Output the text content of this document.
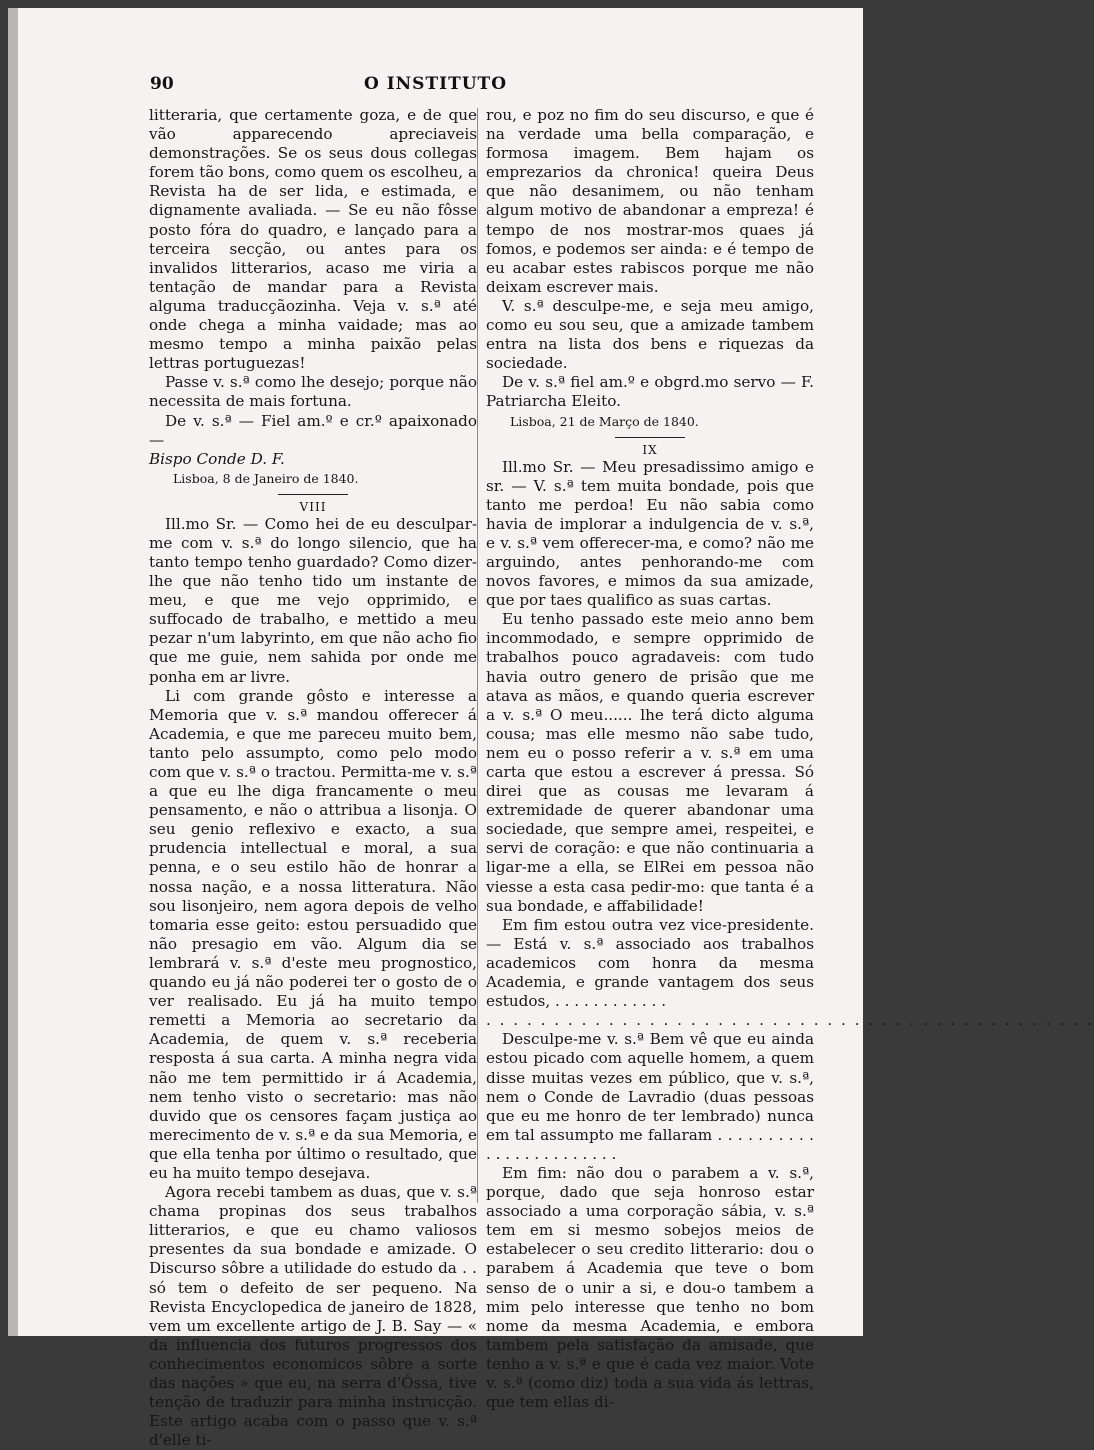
90	O INSTITUTO

litteraria, que certamente goza, e de que vão apparecendo apreciaveis demonstrações. Se os seus dous collegas forem tão bons, como quem os escolheu, a Revista ha de ser lida, e estimada, e dignamente avaliada. — Se eu não fôsse posto fóra do quadro, e lançado para a terceira secção, ou antes para os invalidos litterarios, acaso me viria a tentação de mandar para a Revista alguma traducçãozinha. Veja v. s.ª até onde chega a minha vaidade; mas ao mesmo tempo a minha paixão pelas lettras portuguezas!

Passe v. s.ª como lhe desejo; porque não necessita de mais fortuna.

De v. s.ª — Fiel am.º e cr.º apaixonado —

Bispo Conde D. F.

Lisboa, 8 de Janeiro de 1840.

VIII

Ill.mo Sr. — Como hei de eu desculpar-me com v. s.ª do longo silencio, que ha tanto tempo tenho guardado? Como dizer-lhe que não tenho tido um instante de meu, e que me vejo opprimido, e suffocado de trabalho, e mettido a meu pezar n'um labyrinto, em que não acho fio que me guie, nem sahida por onde me ponha em ar livre.

Li com grande gôsto e interesse a Memoria que v. s.ª mandou offerecer á Academia, e que me pareceu muito bem, tanto pelo assumpto, como pelo modo com que v. s.ª o tractou. Permitta-me v. s.ª a que eu lhe diga francamente o meu pensamento, e não o attribua a lisonja. O seu genio reflexivo e exacto, a sua prudencia intellectual e moral, a sua penna, e o seu estilo hão de honrar a nossa nação, e a nossa litteratura. Não sou lisonjeiro, nem agora depois de velho tomaria esse geito: estou persuadido que não presagio em vão. Algum dia se lembrará v. s.ª d'este meu prognostico, quando eu já não poderei ter o gosto de o ver realisado. Eu já ha muito tempo remetti a Memoria ao secretario da Academia, de quem v. s.ª receberia resposta á sua carta. A minha negra vida não me tem permittido ir á Academia, nem tenho visto o secretario: mas não duvido que os censores façam justiça ao merecimento de v. s.ª e da sua Memoria, e que ella tenha por último o resultado, que eu ha muito tempo desejava.

Agora recebi tambem as duas, que v. s.ª chama propinas dos seus trabalhos litterarios, e que eu chamo valiosos presentes da sua bondade e amizade. O Discurso sôbre a utilidade do estudo da . . só tem o defeito de ser pequeno. Na Revista Encyclopedica de janeiro de 1828, vem um excellente artigo de J. B. Say — « da influencia dos futuros progressos dos conhecimentos economicos sôbre a sorte das nações » que eu, na serra d'Óssa, tive tenção de traduzir para minha instrucção. Este artigo acaba com o passo que v. s.ª d'elle ti-

rou, e poz no fim do seu discurso, e que é na verdade uma bella comparação, e formosa imagem. Bem hajam os emprezarios da chronica! queira Deus que não desanimem, ou não tenham algum motivo de abandonar a empreza! é tempo de nos mostrar-mos quaes já fomos, e podemos ser ainda: e é tempo de eu acabar estes rabiscos porque me não deixam escrever mais.

V. s.ª desculpe-me, e seja meu amigo, como eu sou seu, que a amizade tambem entra na lista dos bens e riquezas da sociedade.

De v. s.ª fiel am.º e obgrd.mo servo — F. Patriarcha Eleito.

Lisboa, 21 de Março de 1840.

IX

Ill.mo Sr. — Meu presadissimo amigo e sr. — V. s.ª tem muita bondade, pois que tanto me perdoa! Eu não sabia como havia de implorar a indulgencia de v. s.ª, e v. s.ª vem offerecer-ma, e como? não me arguindo, antes penhorando-me com novos favores, e mimos da sua amizade, que por taes qualifico as suas cartas.

Eu tenho passado este meio anno bem incommodado, e sempre opprimido de trabalhos pouco agradaveis: com tudo havia outro genero de prisão que me atava as mãos, e quando queria escrever a v. s.ª O meu...... lhe terá dicto alguma cousa; mas elle mesmo não sabe tudo, nem eu o posso referir a v. s.ª em uma carta que estou a escrever á pressa. Só direi que as cousas me levaram á extremidade de querer abandonar uma sociedade, que sempre amei, respeitei, e servi de coração: e que não continuaria a ligar-me a ella, se ElRei em pessoa não viesse a esta casa pedir-mo: que tanta é a sua bondade, e affabilidade!

Em fim estou outra vez vice-presidente. — Está v. s.ª associado aos trabalhos academicos com honra da mesma Academia, e grande vantagem dos seus estudos, . . . . . . . . . . . .

. . . . . . . . . . . . . . . . . . . . . . . . . . . . . . . . . . . . . . . . . . . . .

Desculpe-me v. s.ª Bem vê que eu ainda estou picado com aquelle homem, a quem disse muitas vezes em público, que v. s.ª, nem o Conde de Lavradio (duas pessoas que eu me honro de ter lembrado) nunca em tal assumpto me fallaram . . . . . . . . . . . . . . . . . . . . . . . .

Em fim: não dou o parabem a v. s.ª, porque, dado que seja honroso estar associado a uma corporação sábia, v. s.ª tem em si mesmo sobejos meios de estabelecer o seu credito litterario: dou o parabem á Academia que teve o bom senso de o unir a si, e dou-o tambem a mim pelo interesse que tenho no bom nome da mesma Academia, e embora tambem pela satisfação da amisade, que tenho a v. s.ª e que é cada vez maior. Vote v. s.ª (como diz) toda a sua vida ás lettras, que tem ellas di-
